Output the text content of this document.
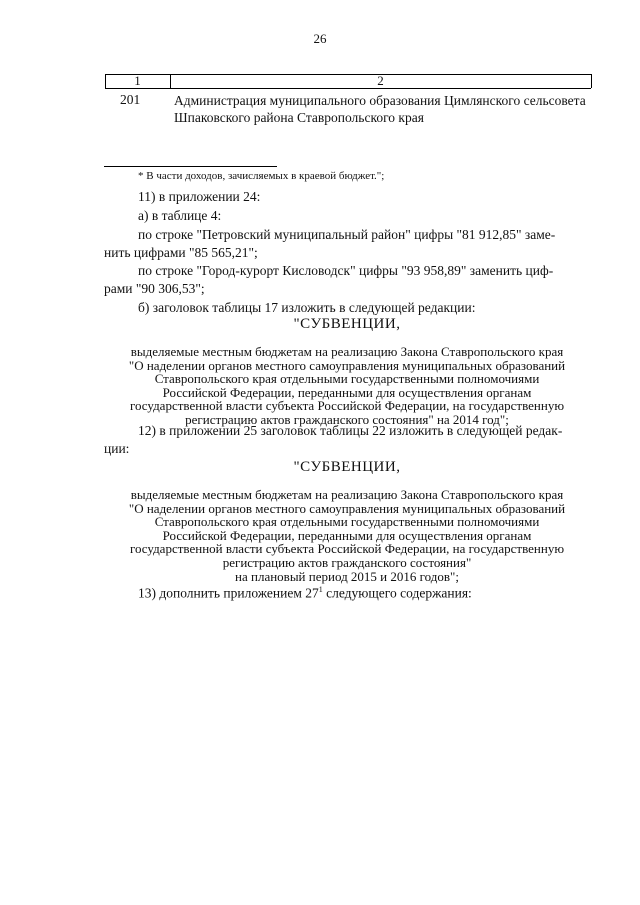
26
1	2
201	Администрация муниципального образования Цимлянского сельсовета Шпаковского района Ставропольского края
* В части доходов, зачисляемых в краевой бюджет.";
11) в приложении 24:
а) в таблице 4:
по строке "Петровский муниципальный район" цифры "81 912,85" заме-
нить цифрами "85 565,21";
по строке "Город-курорт Кисловодск" цифры "93 958,89" заменить циф-
рами "90 306,53";
б) заголовок таблицы 17 изложить в следующей редакции:
"СУБВЕНЦИИ,
выделяемые местным бюджетам на реализацию Закона Ставропольского края
"О наделении органов местного самоуправления муниципальных образований
Ставропольского края отдельными государственными полномочиями
Российской Федерации, переданными для осуществления органам
государственной власти субъекта Российской Федерации, на государственную
регистрацию актов гражданского состояния" на 2014 год";
12) в приложении 25 заголовок таблицы 22 изложить в следующей редак-
ции:
"СУБВЕНЦИИ,
выделяемые местным бюджетам на реализацию Закона Ставропольского края
"О наделении органов местного самоуправления муниципальных образований
Ставропольского края отдельными государственными полномочиями
Российской Федерации, переданными для осуществления органам
государственной власти субъекта Российской Федерации, на государственную
регистрацию актов гражданского состояния"
на плановый период 2015 и 2016 годов";
13) дополнить приложением $27^1$ следующего содержания:
